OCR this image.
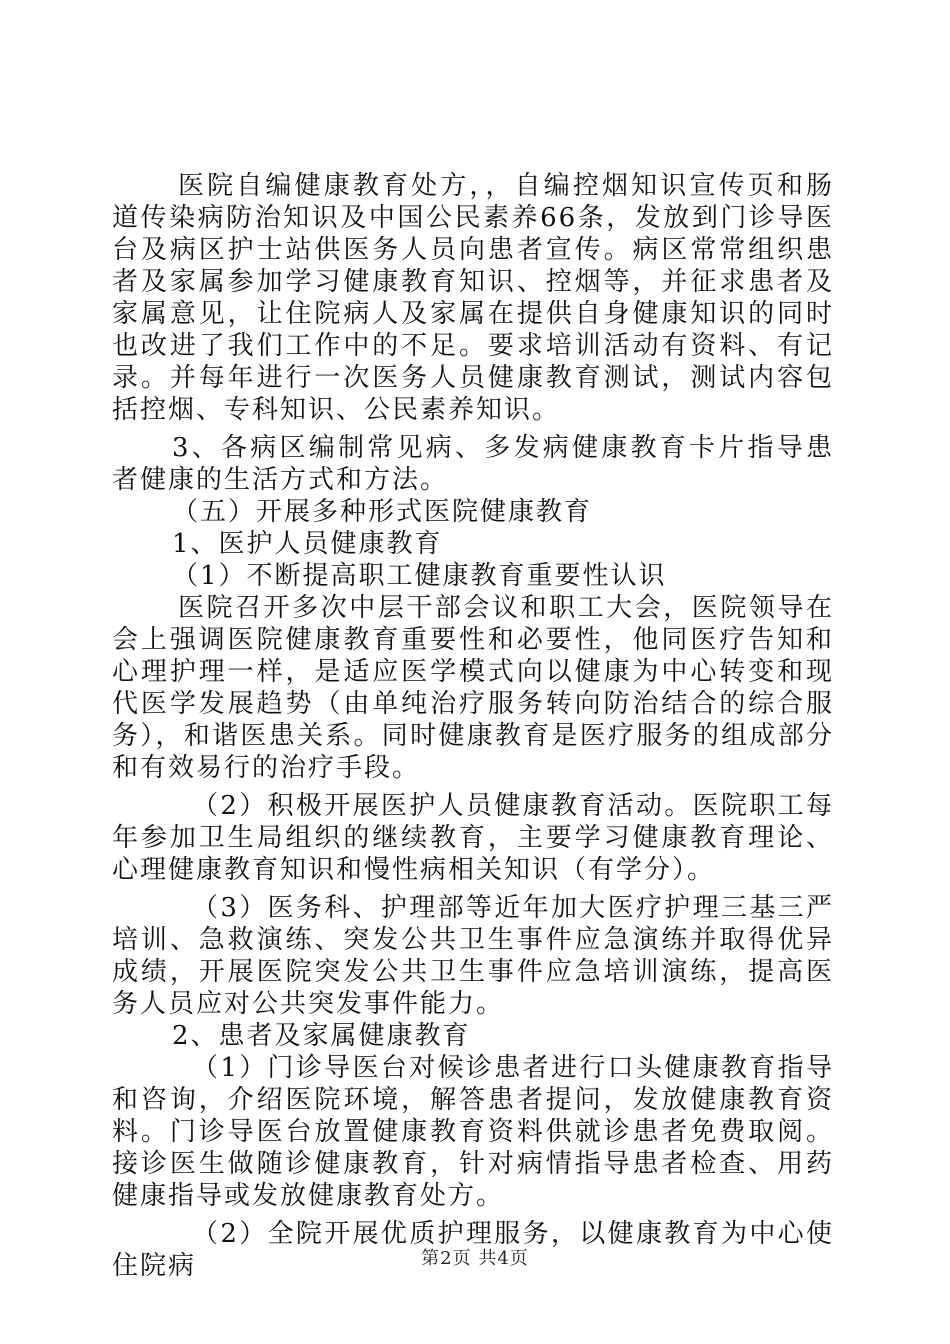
医院自编健康教育处方，，自编控烟知识宣传页和肠道传染病防治知识及中国公民素养66条，发放到门诊导医台及病区护士站供医务人员向患者宣传。病区常常组织患者及家属参加学习健康教育知识、控烟等，并征求患者及家属意见，让住院病人及家属在提供自身健康知识的同时也改进了我们工作中的不足。要求培训活动有资料、有记录。并每年进行一次医务人员健康教育测试，测试内容包括控烟、专科知识、公民素养知识。

3、各病区编制常见病、多发病健康教育卡片指导患者健康的生活方式和方法。

（五）开展多种形式医院健康教育

1、医护人员健康教育

（1）不断提高职工健康教育重要性认识

医院召开多次中层干部会议和职工大会，医院领导在会上强调医院健康教育重要性和必要性，他同医疗告知和心理护理一样，是适应医学模式向以健康为中心转变和现代医学发展趋势（由单纯治疗服务转向防治结合的综合服务），和谐医患关系。同时健康教育是医疗服务的组成部分和有效易行的治疗手段。

（2）积极开展医护人员健康教育活动。医院职工每年参加卫生局组织的继续教育，主要学习健康教育理论、心理健康教育知识和慢性病相关知识（有学分）。

（3）医务科、护理部等近年加大医疗护理三基三严培训、急救演练、突发公共卫生事件应急演练并取得优异成绩，开展医院突发公共卫生事件应急培训演练，提高医务人员应对公共突发事件能力。

2、患者及家属健康教育

（1）门诊导医台对候诊患者进行口头健康教育指导和咨询，介绍医院环境，解答患者提问，发放健康教育资料。门诊导医台放置健康教育资料供就诊患者免费取阅。接诊医生做随诊健康教育，针对病情指导患者检查、用药健康指导或发放健康教育处方。

（2）全院开展优质护理服务，以健康教育为中心使住院病	第2页 共4页
